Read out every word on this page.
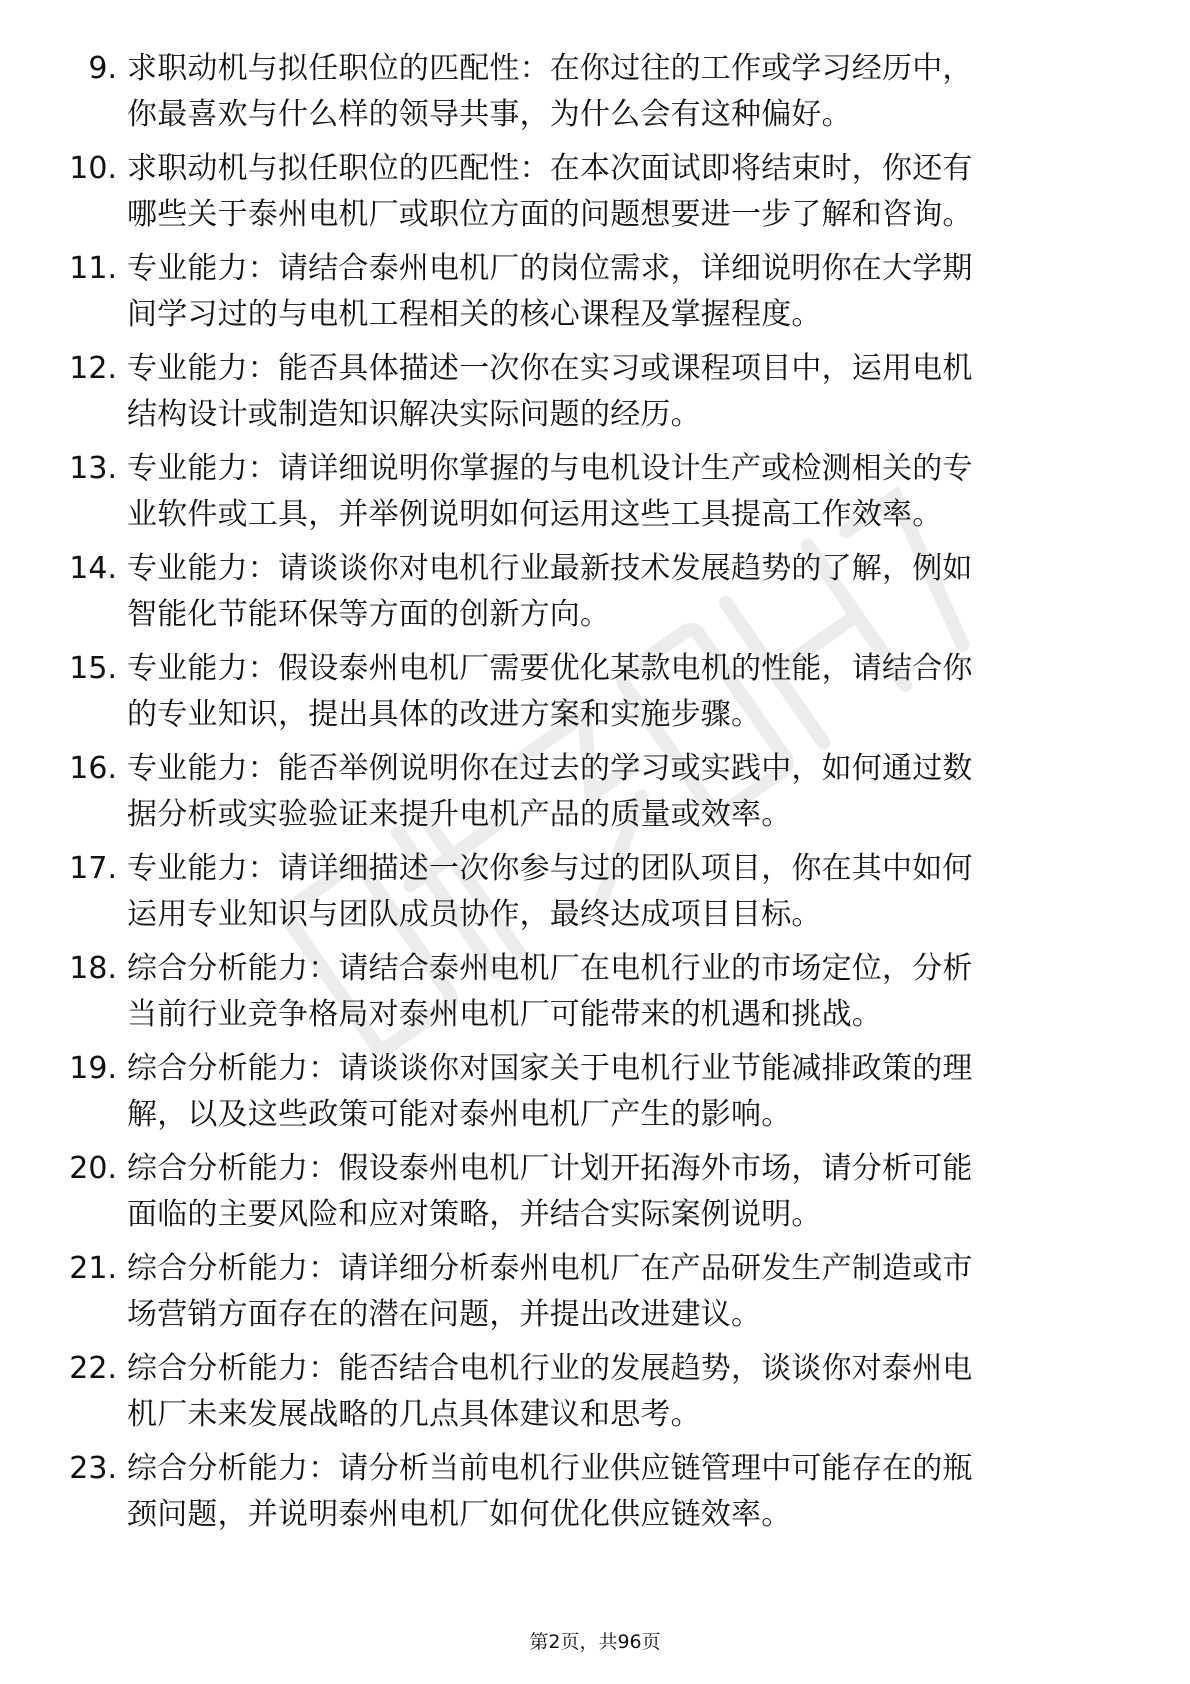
9. 求职动机与拟任职位的匹配性：在你过往的工作或学习经历中，
你最喜欢与什么样的领导共事，为什么会有这种偏好。
10. 求职动机与拟任职位的匹配性：在本次面试即将结束时，你还有
哪些关于泰州电机厂或职位方面的问题想要进一步了解和咨询。
11. 专业能力：请结合泰州电机厂的岗位需求，详细说明你在大学期
间学习过的与电机工程相关的核心课程及掌握程度。
12. 专业能力：能否具体描述一次你在实习或课程项目中，运用电机
结构设计或制造知识解决实际问题的经历。
13. 专业能力：请详细说明你掌握的与电机设计生产或检测相关的专
业软件或工具，并举例说明如何运用这些工具提高工作效率。
14. 专业能力：请谈谈你对电机行业最新技术发展趋势的了解，例如
智能化节能环保等方面的创新方向。
15. 专业能力：假设泰州电机厂需要优化某款电机的性能，请结合你
的专业知识，提出具体的改进方案和实施步骤。
16. 专业能力：能否举例说明你在过去的学习或实践中，如何通过数
据分析或实验验证来提升电机产品的质量或效率。
17. 专业能力：请详细描述一次你参与过的团队项目，你在其中如何
运用专业知识与团队成员协作，最终达成项目目标。
18. 综合分析能力：请结合泰州电机厂在电机行业的市场定位，分析
当前行业竞争格局对泰州电机厂可能带来的机遇和挑战。
19. 综合分析能力：请谈谈你对国家关于电机行业节能减排政策的理
解，以及这些政策可能对泰州电机厂产生的影响。
20. 综合分析能力：假设泰州电机厂计划开拓海外市场，请分析可能
面临的主要风险和应对策略，并结合实际案例说明。
21. 综合分析能力：请详细分析泰州电机厂在产品研发生产制造或市
场营销方面存在的潜在问题，并提出改进建议。
22. 综合分析能力：能否结合电机行业的发展趋势，谈谈你对泰州电
机厂未来发展战略的几点具体建议和思考。
23. 综合分析能力：请分析当前电机行业供应链管理中可能存在的瓶
颈问题，并说明泰州电机厂如何优化供应链效率。
第2页，共96页
